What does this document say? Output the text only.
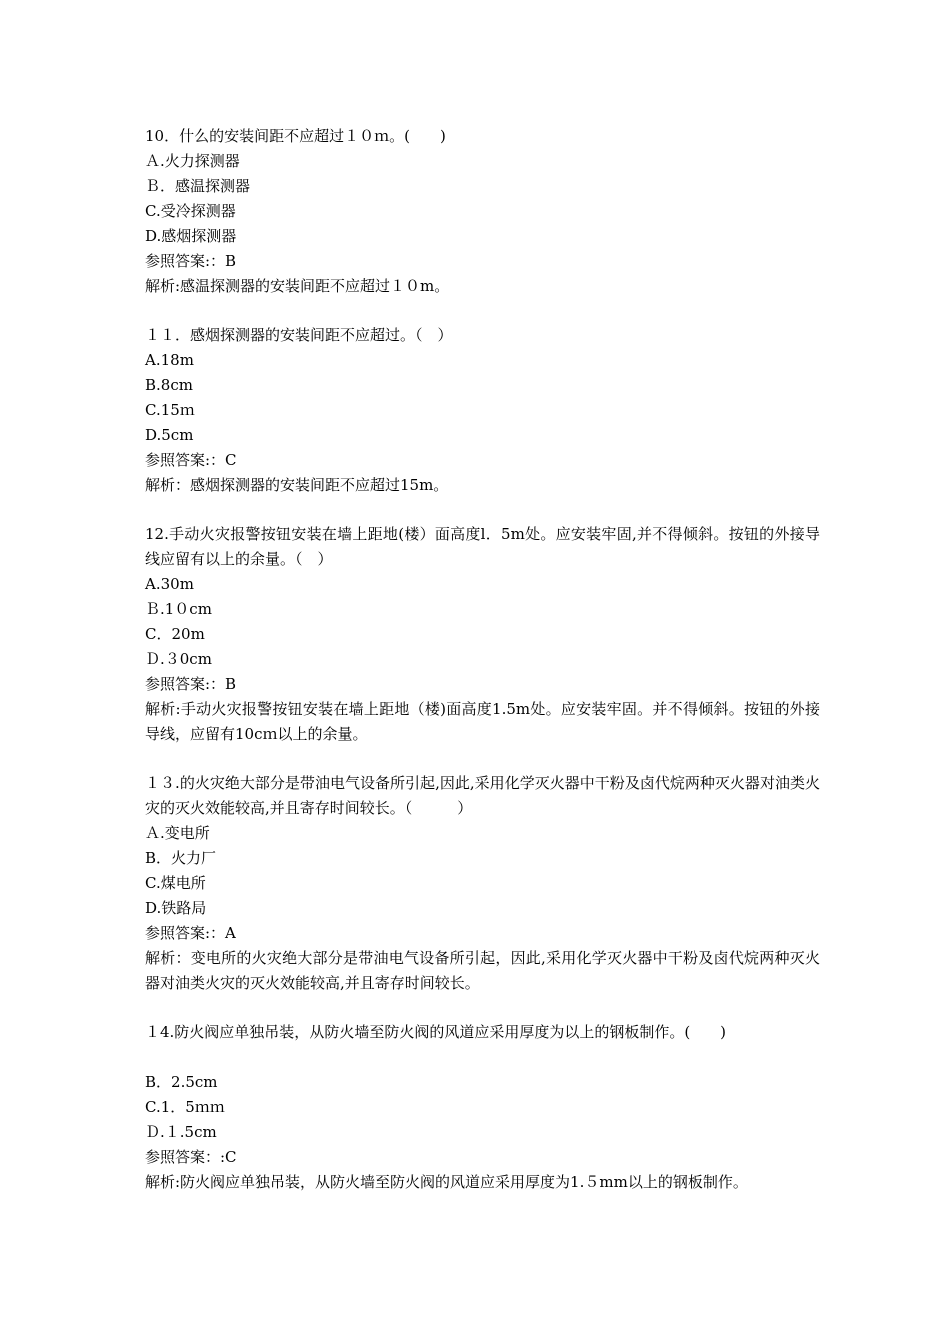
10．什么的安装间距不应超过１０ｍ。(　　)
Ａ.火力探测器
Ｂ．感温探测器
C.受冷探测器
D.感烟探测器
参照答案:：B
解析:感温探测器的安装间距不应超过１０m。
１１．感烟探测器的安装间距不应超过。（　）
A.18m
B.8cm
C.15ｍ
D.5cm
参照答案:：C
解析：感烟探测器的安装间距不应超过15m。
12.手动火灾报警按钮安装在墙上距地(楼）面高度l．5m处。应安装牢固,并不得倾斜。按钮的外接导线应留有以上的余量。（　）
A.30m
Ｂ.1０cm
C．20m
Ｄ.３0cm
参照答案:：B
解析:手动火灾报警按钮安装在墙上距地（楼)面高度1.5m处。应安装牢固。并不得倾斜。按钮的外接导线，应留有10cｍ以上的余量。
１３.的火灾绝大部分是带油电气设备所引起,因此,采用化学灭火器中干粉及卤代烷两种灭火器对油类火灾的灭火效能较高,并且寄存时间较长。（　　　）
Ａ.变电所
B．火力厂
C.煤电所
D.铁路局
参照答案:：A
解析：变电所的火灾绝大部分是带油电气设备所引起，因此,采用化学灭火器中干粉及卤代烷两种灭火器对油类火灾的灭火效能较高,并且寄存时间较长。
１4.防火阀应单独吊装，从防火墙至防火阀的风道应采用厚度为以上的钢板制作。(　　)
B．2.5cm
C.1．5ｍｍ
Ｄ.１.5cm
参照答案：:C
解析:防火阀应单独吊装，从防火墙至防火阀的风道应采用厚度为1.５mm以上的钢板制作。
